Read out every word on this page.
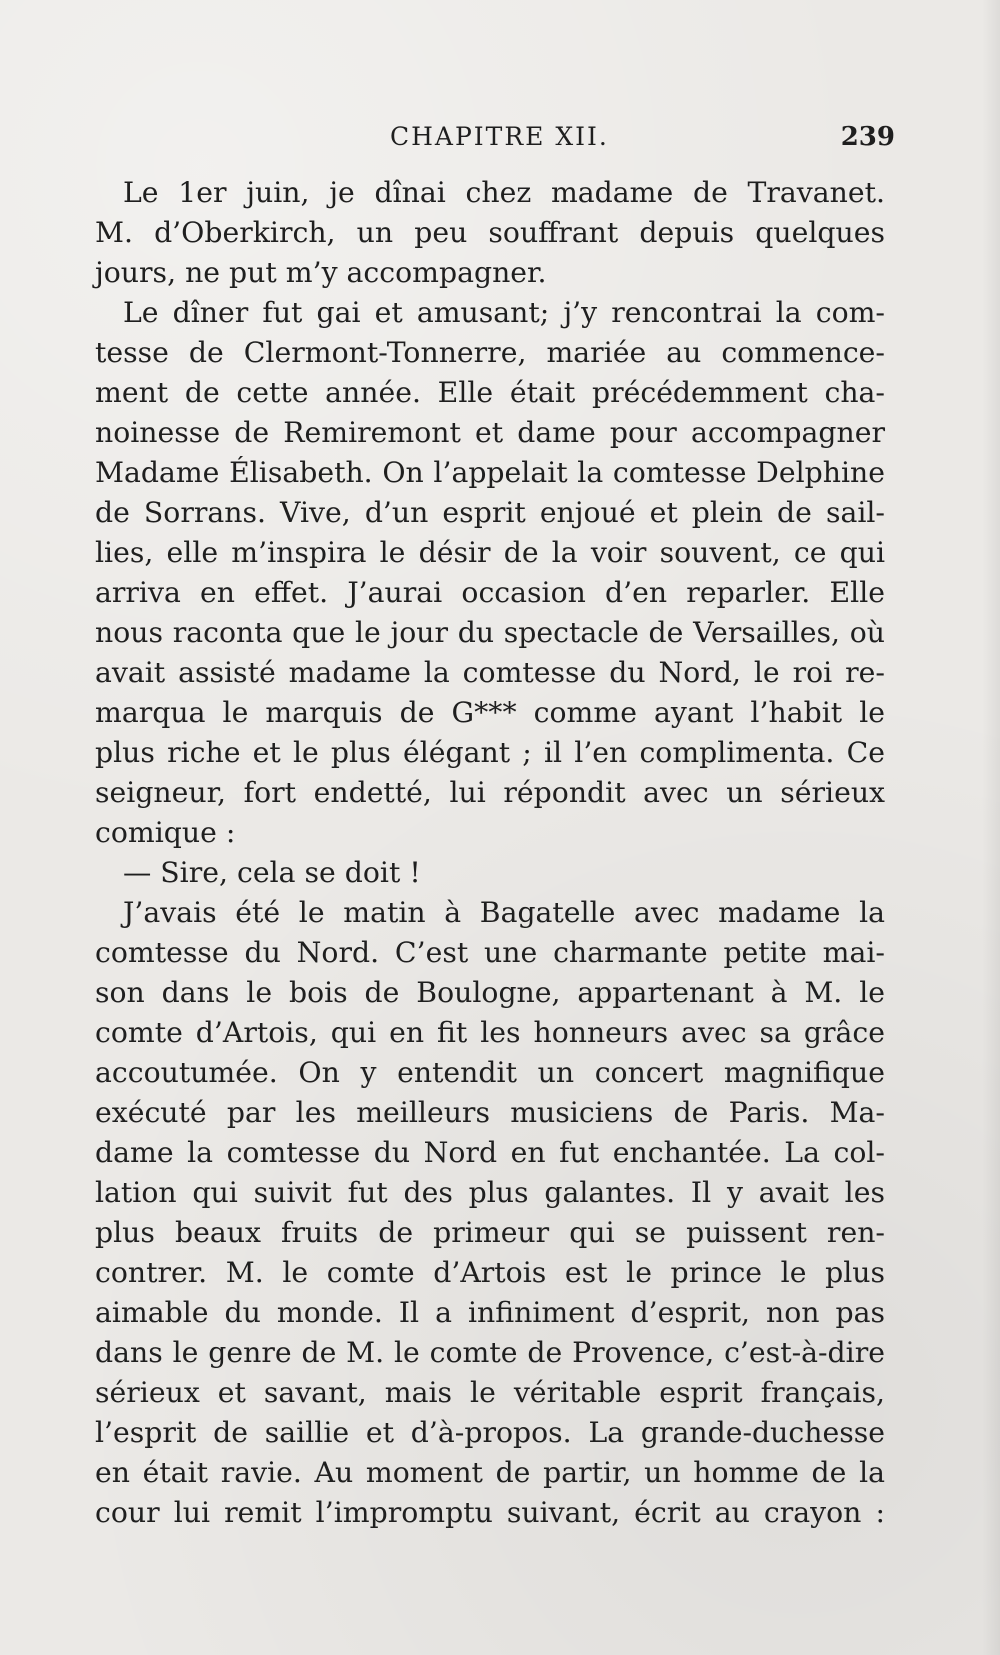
CHAPITRE XII.	239
Le 1er juin, je dînai chez madame de Travanet.
M. d’Oberkirch, un peu souffrant depuis quelques
jours, ne put m’y accompagner.
Le dîner fut gai et amusant; j’y rencontrai la com-
tesse de Clermont-Tonnerre, mariée au commence-
ment de cette année. Elle était précédemment cha-
noinesse de Remiremont et dame pour accompagner
Madame Élisabeth. On l’appelait la comtesse Delphine
de Sorrans. Vive, d’un esprit enjoué et plein de sail-
lies, elle m’inspira le désir de la voir souvent, ce qui
arriva en effet. J’aurai occasion d’en reparler. Elle
nous raconta que le jour du spectacle de Versailles, où
avait assisté madame la comtesse du Nord, le roi re-
marqua le marquis de G*** comme ayant l’habit le
plus riche et le plus élégant ; il l’en complimenta. Ce
seigneur, fort endetté, lui répondit avec un sérieux
comique :
— Sire, cela se doit !
J’avais été le matin à Bagatelle avec madame la
comtesse du Nord. C’est une charmante petite mai-
son dans le bois de Boulogne, appartenant à M. le
comte d’Artois, qui en fit les honneurs avec sa grâce
accoutumée. On y entendit un concert magnifique
exécuté par les meilleurs musiciens de Paris. Ma-
dame la comtesse du Nord en fut enchantée. La col-
lation qui suivit fut des plus galantes. Il y avait les
plus beaux fruits de primeur qui se puissent ren-
contrer. M. le comte d’Artois est le prince le plus
aimable du monde. Il a infiniment d’esprit, non pas
dans le genre de M. le comte de Provence, c’est-à-dire
sérieux et savant, mais le véritable esprit français,
l’esprit de saillie et d’à-propos. La grande-duchesse
en était ravie. Au moment de partir, un homme de la
cour lui remit l’impromptu suivant, écrit au crayon :
